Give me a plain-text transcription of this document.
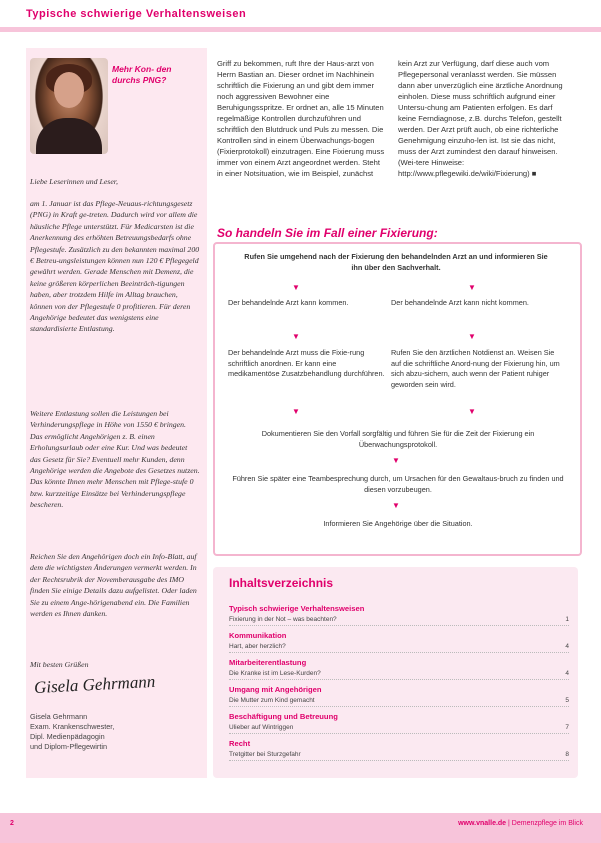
Typische schwierige Verhaltensweisen
Mehr Kon- den durchs PNG?
Liebe Leserinnen und Leser,
am 1. Januar ist das Pflege-Neuaus-richtungsgesetz (PNG) in Kraft ge-treten. Dadurch wird vor allem die häusliche Pflege unterstützt. Für Medicarsten ist die Anerkennung des erhöhten Betreuungsbedarfs ohne Pflegestufe. Zusätzlich zu den bekannten maximal 200 € Betreu-ungsleistungen können nun 120 € Pflegegeld gewährt werden. Gerade Menschen mit Demenz, die keine größeren körperlichen Beeinträch-tigungen haben, aber trotzdem Hilfe im Alltag brauchen, können von der Pflegestufe 0 profitieren. Für deren Angehörige bedeutet das wenigstens eine standardisierte Entlastung.
Weitere Entlastung sollen die Leistungen bei Verhinderungspflege in Höhe von 1550 € bringen. Das ermöglicht Angehörigen z. B. einen Erholungsurlaub oder eine Kur. Und was bedeutet das Gesetz für Sie? Eventuell mehr Kunden, denn Angehörige werden die Angebote des Gesetzes nutzen. Das könnte Ihnen mehr Menschen mit Pflege-stufe 0 bzw. kurzzeitige Einsätze bei Verhinderungspflege bescheren.
Reichen Sie den Angehörigen doch ein Info-Blatt, auf dem die wichtigsten Änderungen vermerkt werden. In der Rechtsrubrik der Novemberausgabe des IMO finden Sie einige Details dazu aufgelistet. Oder laden Sie zu einem Ange-hörigenabend ein. Die Familien werden es Ihnen danken.
Mit besten Grüßen
Gisela Gehrmann
Gisela Gehrmann
Exam. Krankenschwester,
Dipl. Medienpädagogin
und Diplom-Pflegewirtin
Griff zu bekommen, ruft Ihre der Haus-arzt von Herrn Bastian an. Dieser ordnet im Nachhinein schriftlich die Fixierung an und gibt dem immer noch aggressiven Bewohner eine Beruhigungsspritze. Er ordnet an, alle 15 Minuten regelmäßige Kontrollen durchzuführen und schriftlich den Blutdruck und Puls zu messen. Die Kontrollen sind in einem Überwachungs-bogen (Fixierprotokoll) einzutragen. Eine Fixierung muss immer von einem Arzt angeordnet werden. Steht in einer Notsituation, wie im Beispiel, zunächst
kein Arzt zur Verfügung, darf diese auch vom Pflegepersonal veranlasst werden. Sie müssen dann aber unverzüglich eine ärztliche Anordnung einholen. Diese muss schriftlich aufgrund einer Untersu-chung am Patienten erfolgen. Es darf keine Ferndiagnose, z.B. durchs Telefon, gestellt werden. Der Arzt prüft auch, ob eine richterliche Genehmigung einzuho-len ist. Ist sie das nicht, muss der Arzt zumindest den darauf hinweisen. (Wei-tere Hinweise: http://www.pflegewiki.de/wiki/Fixierung) ■
So handeln Sie im Fall einer Fixierung:
Rufen Sie umgehend nach der Fixierung den behandelnden Arzt an und informieren Sie ihn über den Sachverhalt.
▼	▼
Der behandelnde Arzt kann kommen.	Der behandelnde Arzt kann nicht kommen.
▼	▼
Der behandelnde Arzt muss die Fixie-rung schriftlich anordnen. Er kann eine medikamentöse Zusatzbehandlung durchführen.
Rufen Sie den ärztlichen Notdienst an. Weisen Sie auf die schriftliche Anord-nung der Fixierung hin, um sich abzu-sichern, auch wenn der Patient ruhiger geworden sein wird.
▼	▼
Dokumentieren Sie den Vorfall sorgfältig und führen Sie für die Zeit der Fixierung ein Überwachungsprotokoll.
▼
Führen Sie später eine Teambesprechung durch, um Ursachen für den Gewaltaus-bruch zu finden und diesen vorzubeugen.
▼
Informieren Sie Angehörige über die Situation.
Inhaltsverzeichnis
Typisch schwierige Verhaltensweisen
Fixierung in der Not – was beachten?	1
Kommunikation
Hart, aber herzlich?	4
Mitarbeiterentlastung
Die Kranke ist im Lese-Kurden?	4
Umgang mit Angehörigen
Die Mutter zum Kind gemacht	5
Beschäftigung und Betreuung
Ulieber auf Wintriggen	7
Recht
Tretgitter bei Sturzgefahr	8
2	www.vnalle.de | Demenzpflege im Blick
